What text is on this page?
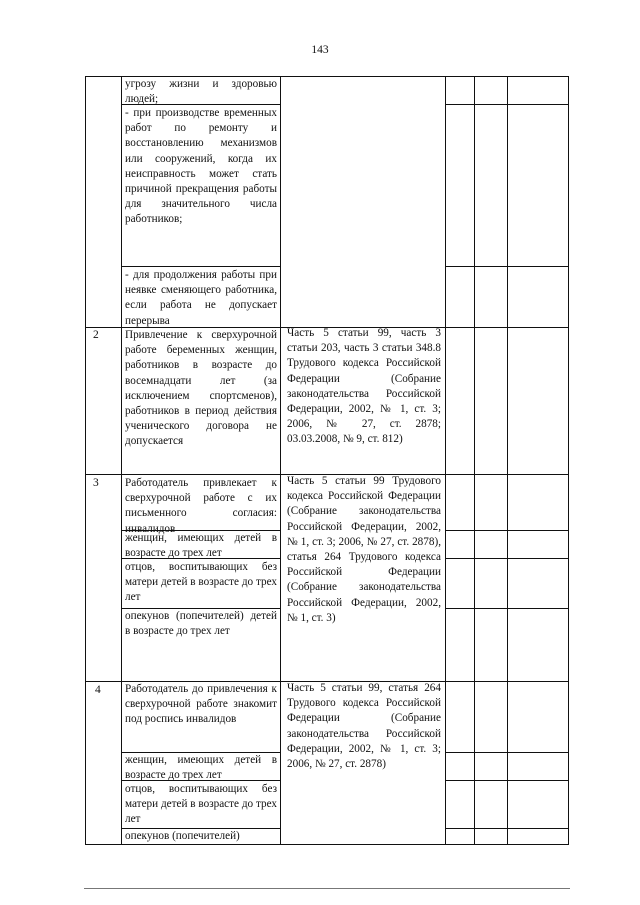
143
угрозу жизни и здоровью людей;
- при производстве временных работ по ремонту и восстановлению механизмов или сооружений, когда их неисправность может стать причиной прекращения работы для значительного числа работников;
- для продолжения работы при неявке сменяющего работника, если работа не допускает перерыва
2 Привлечение к сверхурочной работе беременных женщин, работников в возрасте до восемнадцати лет (за исключением спортсменов), работников в период действия ученического договора не допускается
Часть 5 статьи 99, часть 3 статьи 203, часть 3 статьи 348.8 Трудового кодекса Российской Федерации (Собрание законодательства Российской Федерации, 2002, № 1, ст. 3; 2006, № 27, ст. 2878; 03.03.2008, № 9, ст. 812)
3 Работодатель привлекает к сверхурочной работе с их письменного согласия: инвалидов
женщин, имеющих детей в возрасте до трех лет
отцов, воспитывающих без матери детей в возрасте до трех лет
опекунов (попечителей) детей в возрасте до трех лет
Часть 5 статьи 99 Трудового кодекса Российской Федерации (Собрание законодательства Российской Федерации, 2002, № 1, ст. 3; 2006, № 27, ст. 2878), статья 264 Трудового кодекса Российской Федерации (Собрание законодательства Российской Федерации, 2002, № 1, ст. 3)
4 Работодатель до привлечения к сверхурочной работе знакомит под роспись инвалидов
женщин, имеющих детей в возрасте до трех лет
отцов, воспитывающих без матери детей в возрасте до трех лет
опекунов (попечителей)
Часть 5 статьи 99, статья 264 Трудового кодекса Российской Федерации (Собрание законодательства Российской Федерации, 2002, № 1, ст. 3; 2006, № 27, ст. 2878)
